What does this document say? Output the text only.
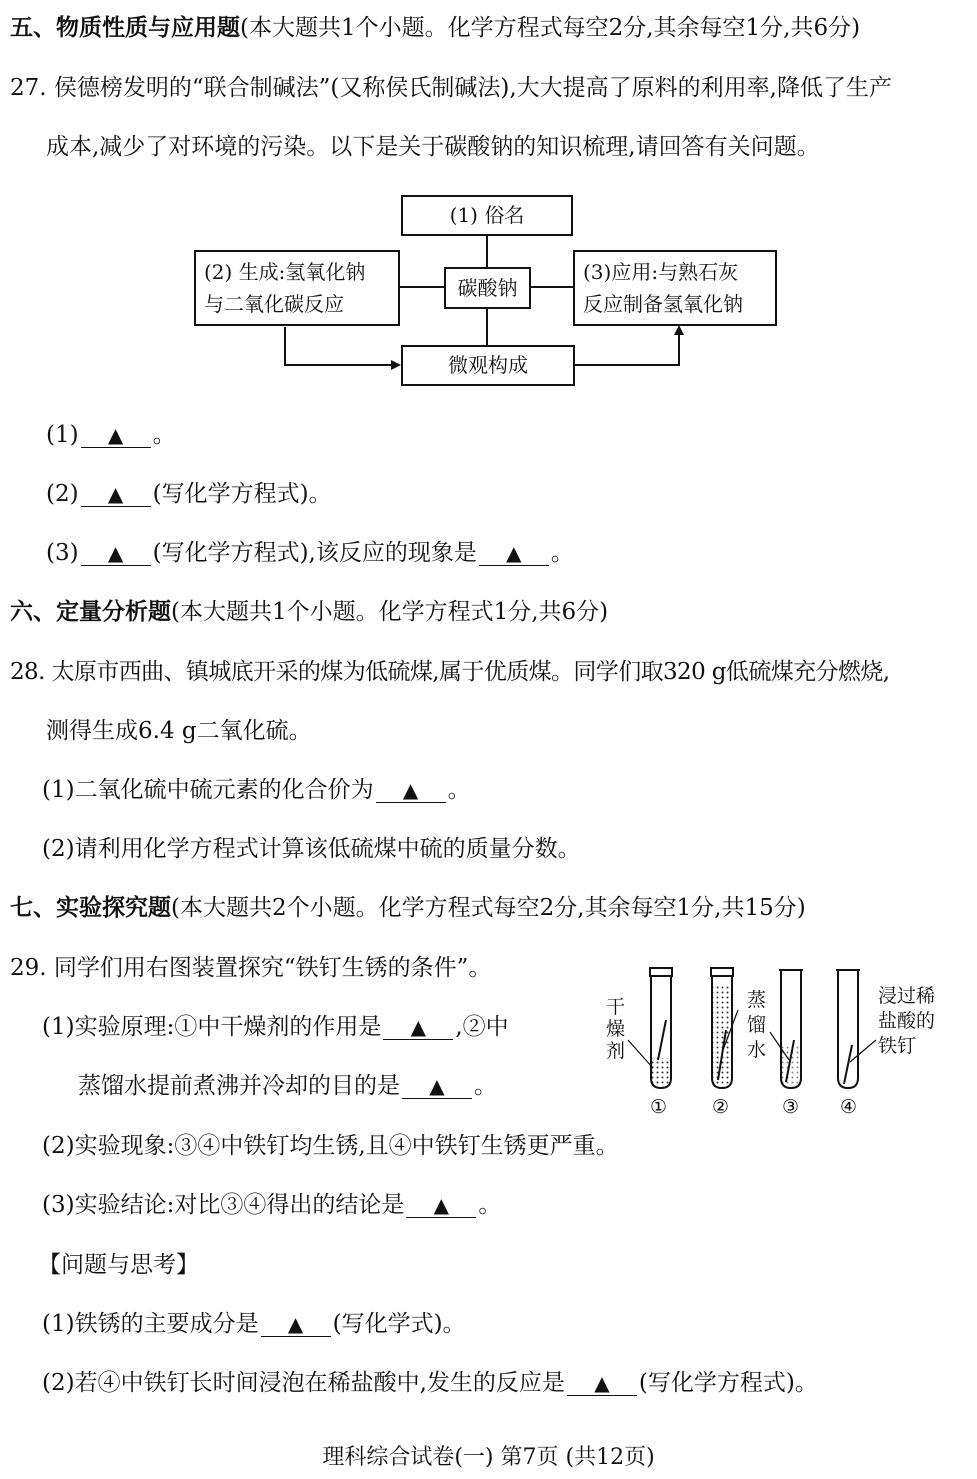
五、物质性质与应用题(本大题共1个小题。化学方程式每空2分,其余每空1分,共6分)
27. 侯德榜发明的“联合制碱法”(又称侯氏制碱法),大大提高了原料的利用率,降低了生产
成本,减少了对环境的污染。以下是关于碳酸钠的知识梳理,请回答有关问题。
(1) 俗名
碳酸钠
(2) 生成:氢氧化钠
与二氧化碳反应
(3)应用:与熟石灰
反应制备氢氧化钠
微观构成
(1) ▲ 。
(2) ▲ (写化学方程式)。
(3) ▲ (写化学方程式),该反应的现象是 ▲ 。
六、定量分析题(本大题共1个小题。化学方程式1分,共6分)
28. 太原市西曲、镇城底开采的煤为低硫煤,属于优质煤。同学们取320 g低硫煤充分燃烧,
测得生成6.4 g二氧化硫。
(1)二氧化硫中硫元素的化合价为 ▲ 。
(2)请利用化学方程式计算该低硫煤中硫的质量分数。
七、实验探究题(本大题共2个小题。化学方程式每空2分,其余每空1分,共15分)
29. 同学们用右图装置探究“铁钉生锈的条件”。
(1)实验原理:①中干燥剂的作用是 ▲ ,②中
蒸馏水提前煮沸并冷却的目的是 ▲ 。
(2)实验现象:③④中铁钉均生锈,且④中铁钉生锈更严重。
(3)实验结论:对比③④得出的结论是 ▲ 。
【问题与思考】
(1)铁锈的主要成分是 ▲ (写化学式)。
(2)若④中铁钉长时间浸泡在稀盐酸中,发生的反应是 ▲ (写化学方程式)。
干
燥
剂
蒸
馏
水
浸过稀
盐酸的
铁钉
① ②	③ ④
理科综合试卷(一) 第7页 (共12页)
